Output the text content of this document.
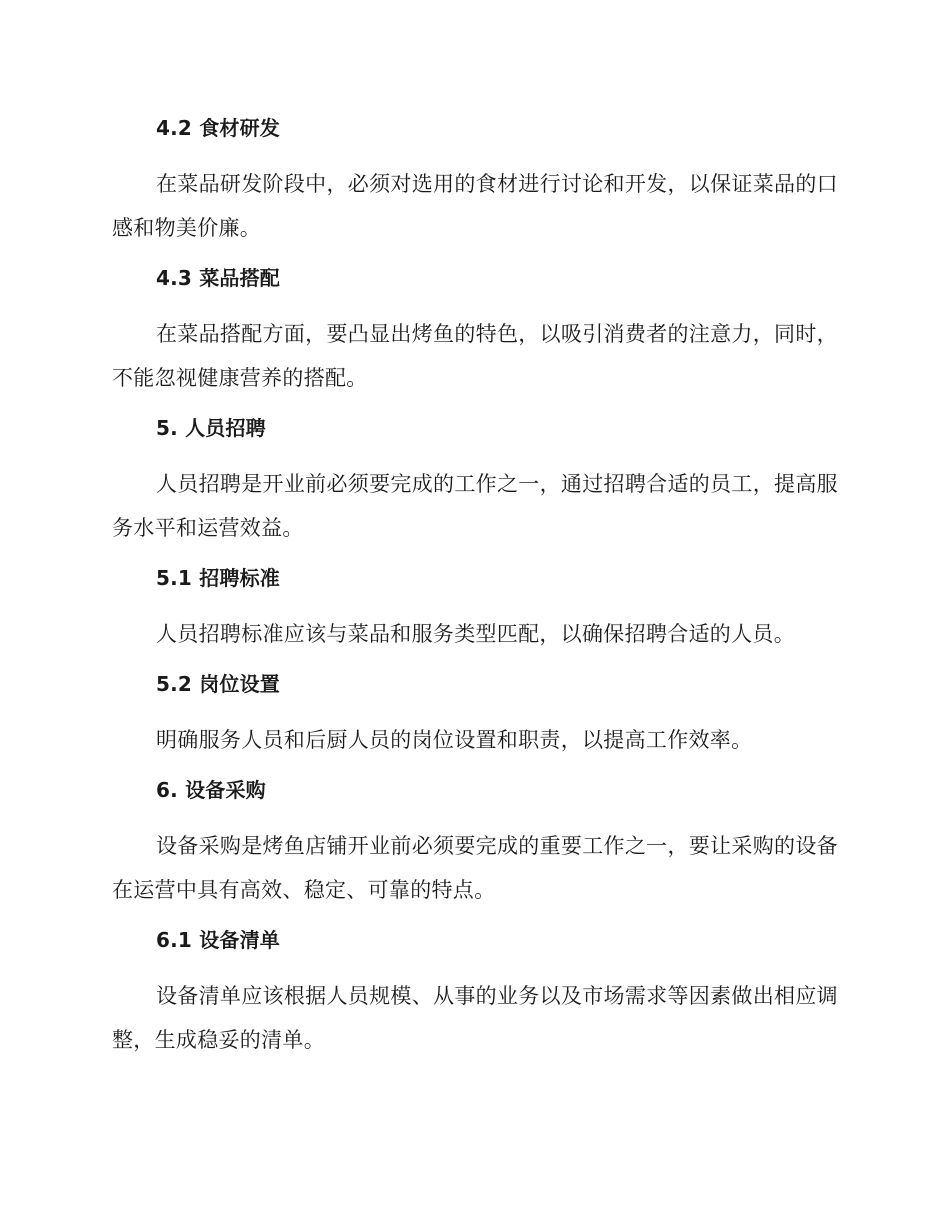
4.2 食材研发

在菜品研发阶段中，必须对选用的食材进行讨论和开发，以保证菜品的口感和物美价廉。

4.3 菜品搭配

在菜品搭配方面，要凸显出烤鱼的特色，以吸引消费者的注意力，同时，不能忽视健康营养的搭配。

5. 人员招聘

人员招聘是开业前必须要完成的工作之一，通过招聘合适的员工，提高服务水平和运营效益。

5.1 招聘标准

人员招聘标准应该与菜品和服务类型匹配，以确保招聘合适的人员。

5.2 岗位设置

明确服务人员和后厨人员的岗位设置和职责，以提高工作效率。

6. 设备采购

设备采购是烤鱼店铺开业前必须要完成的重要工作之一，要让采购的设备在运营中具有高效、稳定、可靠的特点。

6.1 设备清单

设备清单应该根据人员规模、从事的业务以及市场需求等因素做出相应调整，生成稳妥的清单。
